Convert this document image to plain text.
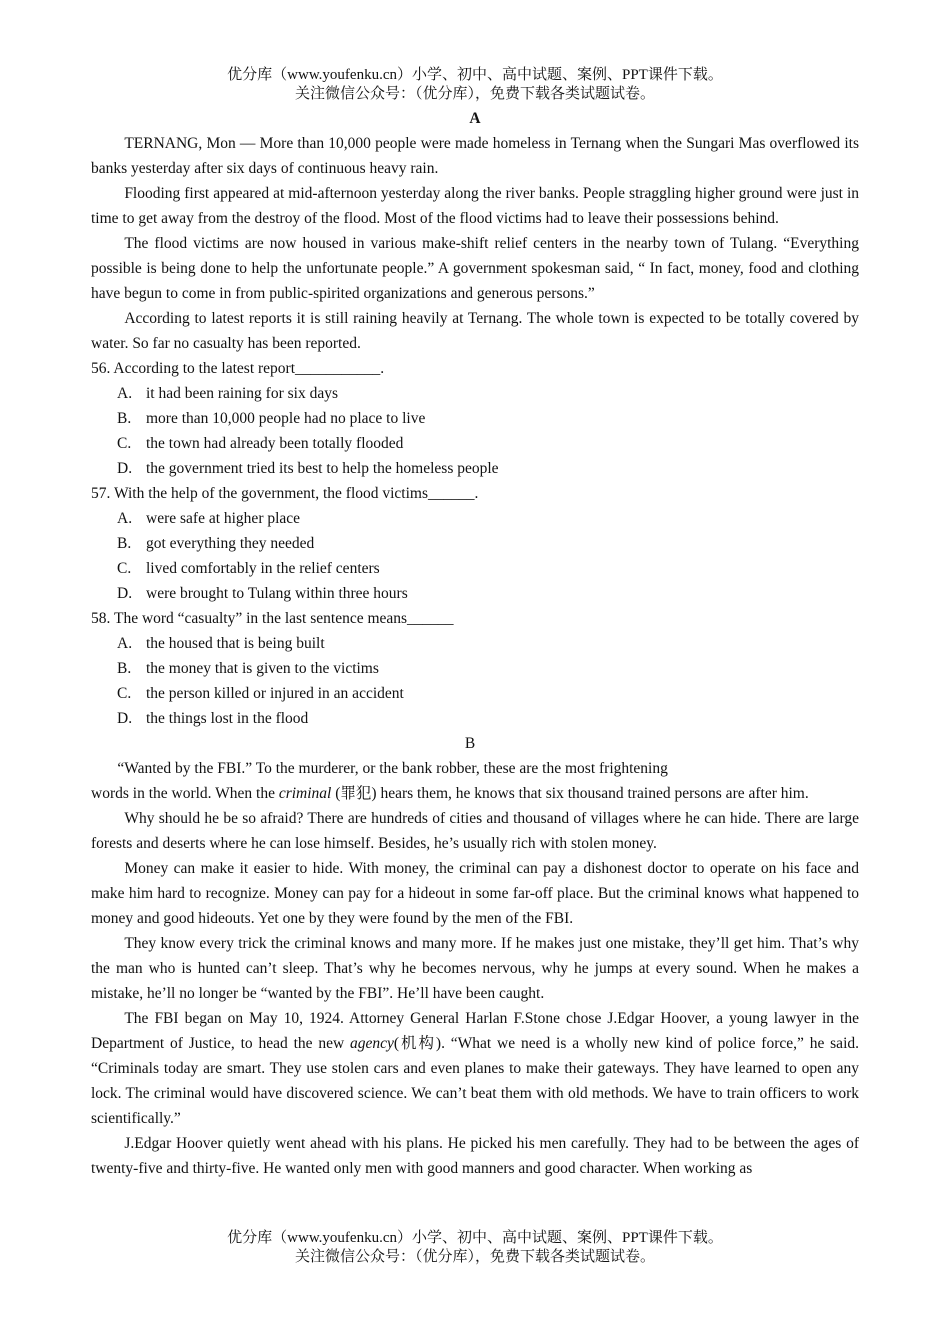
优分库（www.youfenku.cn）小学、初中、高中试题、案例、PPT课件下载。
关注微信公众号：（优分库），免费下载各类试题试卷。
A

TERNANG, Mon — More than 10,000 people were made homeless in Ternang when the Sungari Mas overflowed its banks yesterday after six days of continuous heavy rain.

Flooding first appeared at mid-afternoon yesterday along the river banks. People straggling higher ground were just in time to get away from the destroy of the flood. Most of the flood victims had to leave their possessions behind.

The flood victims are now housed in various make-shift relief centers in the nearby town of Tulang. “Everything possible is being done to help the unfortunate people.” A government spokesman said, “ In fact, money, food and clothing have begun to come in from public-spirited organizations and generous persons.”

According to latest reports it is still raining heavily at Ternang. The whole town is expected to be totally covered by water. So far no casualty has been reported.

56. According to the latest report___________.
A. it had been raining for six days
B. more than 10,000 people had no place to live
C. the town had already been totally flooded
D. the government tried its best to help the homeless people
57. With the help of the government, the flood victims______.
A. were safe at higher place
B. got everything they needed
C. lived comfortably in the relief centers
D. were brought to Tulang within three hours
58. The word “casualty” in the last sentence means______
A. the housed that is being built
B. the money that is given to the victims
C. the person killed or injured in an accident
D. the things lost in the flood
B

“Wanted by the FBI.” To the murderer, or the bank robber, these are the most frightening

words in the world. When the criminal (罪犯) hears them, he knows that six thousand trained persons are after him.

Why should he be so afraid? There are hundreds of cities and thousand of villages where he can hide. There are large forests and deserts where he can lose himself. Besides, he’s usually rich with stolen money.

Money can make it easier to hide. With money, the criminal can pay a dishonest doctor to operate on his face and make him hard to recognize. Money can pay for a hideout in some far-off place. But the criminal knows what happened to money and good hideouts. Yet one by they were found by the men of the FBI.

They know every trick the criminal knows and many more. If he makes just one mistake, they’ll get him. That’s why the man who is hunted can’t sleep. That’s why he becomes nervous, why he jumps at every sound. When he makes a mistake, he’ll no longer be “wanted by the FBI”. He’ll have been caught.

The FBI began on May 10, 1924. Attorney General Harlan F.Stone chose J.Edgar Hoover, a young lawyer in the Department of Justice, to head the new agency(机构). “What we need is a wholly new kind of police force,” he said. “Criminals today are smart. They use stolen cars and even planes to make their gateways. They have learned to open any lock. The criminal would have discovered science. We can’t beat them with old methods. We have to train officers to work scientifically.”

J.Edgar Hoover quietly went ahead with his plans. He picked his men carefully. They had to be between the ages of twenty-five and thirty-five. He wanted only men with good manners and good character. When working as

优分库（www.youfenku.cn）小学、初中、高中试题、案例、PPT课件下载。
关注微信公众号：（优分库），免费下载各类试题试卷。
